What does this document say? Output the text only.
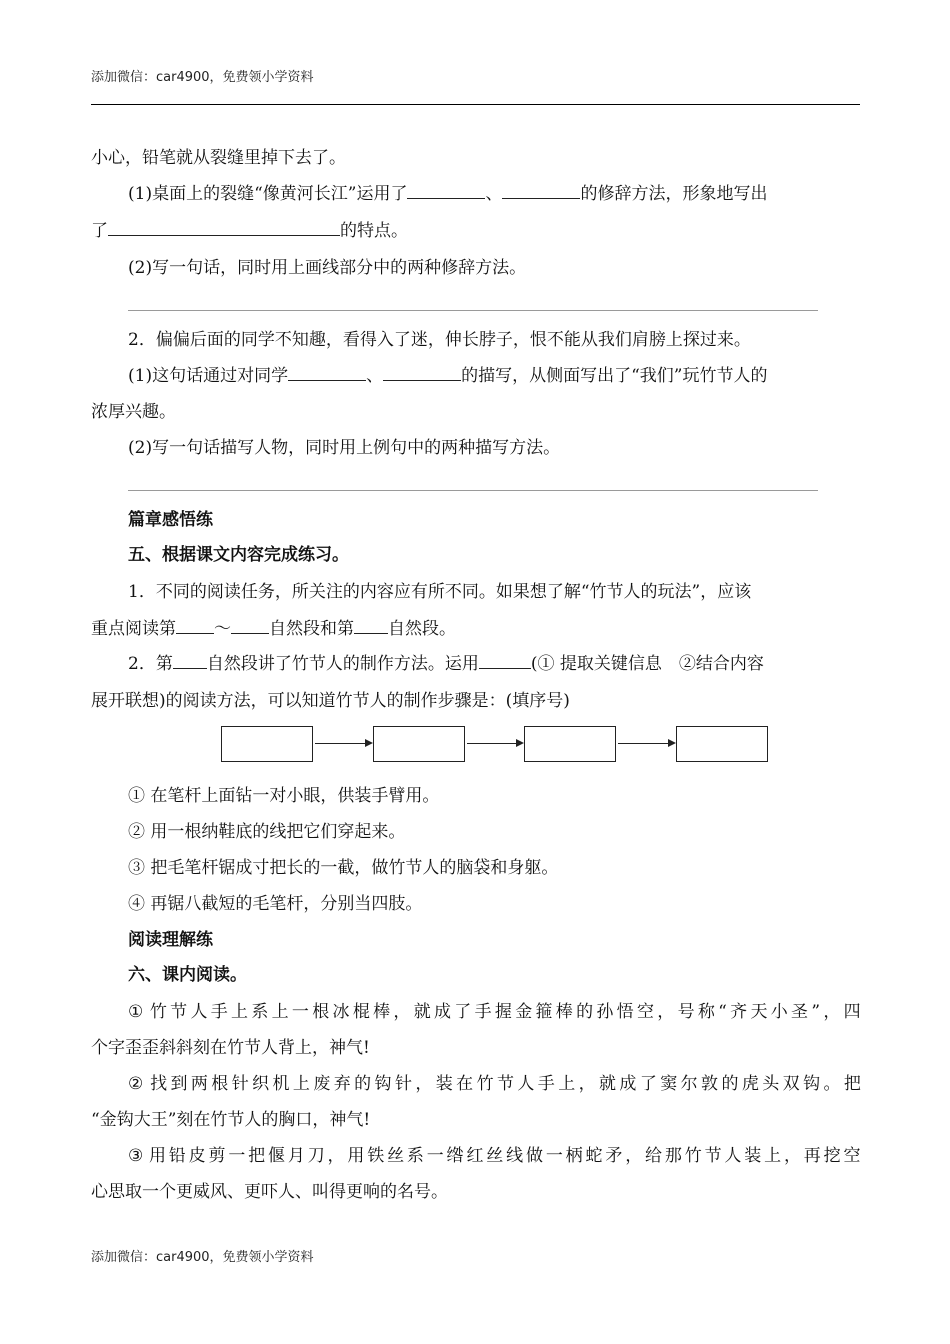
添加微信：car4900，免费领小学资料
小心，铅笔就从裂缝里掉下去了。
(1)桌面上的裂缝“像黄河长江”运用了	、	的修辞方法，形象地写出
了	的特点。
(2)写一句话，同时用上画线部分中的两种修辞方法。
2．偏偏后面的同学不知趣，看得入了迷，伸长脖子，恨不能从我们肩膀上探过来。
(1)这句话通过对同学	、	的描写，从侧面写出了“我们”玩竹节人的
浓厚兴趣。
(2)写一句话描写人物，同时用上例句中的两种描写方法。
篇章感悟练
五、根据课文内容完成练习。
1．不同的阅读任务，所关注的内容应有所不同。如果想了解“竹节人的玩法”，应该
重点阅读第 ～ 自然段和第 自然段。
2．第 自然段讲了竹节人的制作方法。运用	(① 提取关键信息　②结合内容
展开联想)的阅读方法，可以知道竹节人的制作步骤是：(填序号)
① 在笔杆上面钻一对小眼，供装手臂用。
② 用一根纳鞋底的线把它们穿起来。
③ 把毛笔杆锯成寸把长的一截，做竹节人的脑袋和身躯。
④ 再锯八截短的毛笔杆，分别当四肢。
阅读理解练
六、课内阅读。
① 竹 节 人 手 上 系 上 一 根 冰 棍 棒 ， 就 成 了 手 握 金 箍 棒 的 孙 悟 空 ， 号 称 “ 齐 天 小 圣 ” ， 四
个字歪歪斜斜刻在竹节人背上，神气!
② 找 到 两 根 针 织 机 上 废 弃 的 钩 针 ， 装 在 竹 节 人 手 上 ， 就 成 了 窦 尔 敦 的 虎 头 双 钩 。 把
“金钩大王”刻在竹节人的胸口，神气!
③ 用 铅 皮 剪 一 把 偃 月 刀 ， 用 铁 丝 系 一 绺 红 丝 线 做 一 柄 蛇 矛 ， 给 那 竹 节 人 装 上 ， 再 挖 空
心思取一个更威风、更吓人、叫得更响的名号。
添加微信：car4900，免费领小学资料
